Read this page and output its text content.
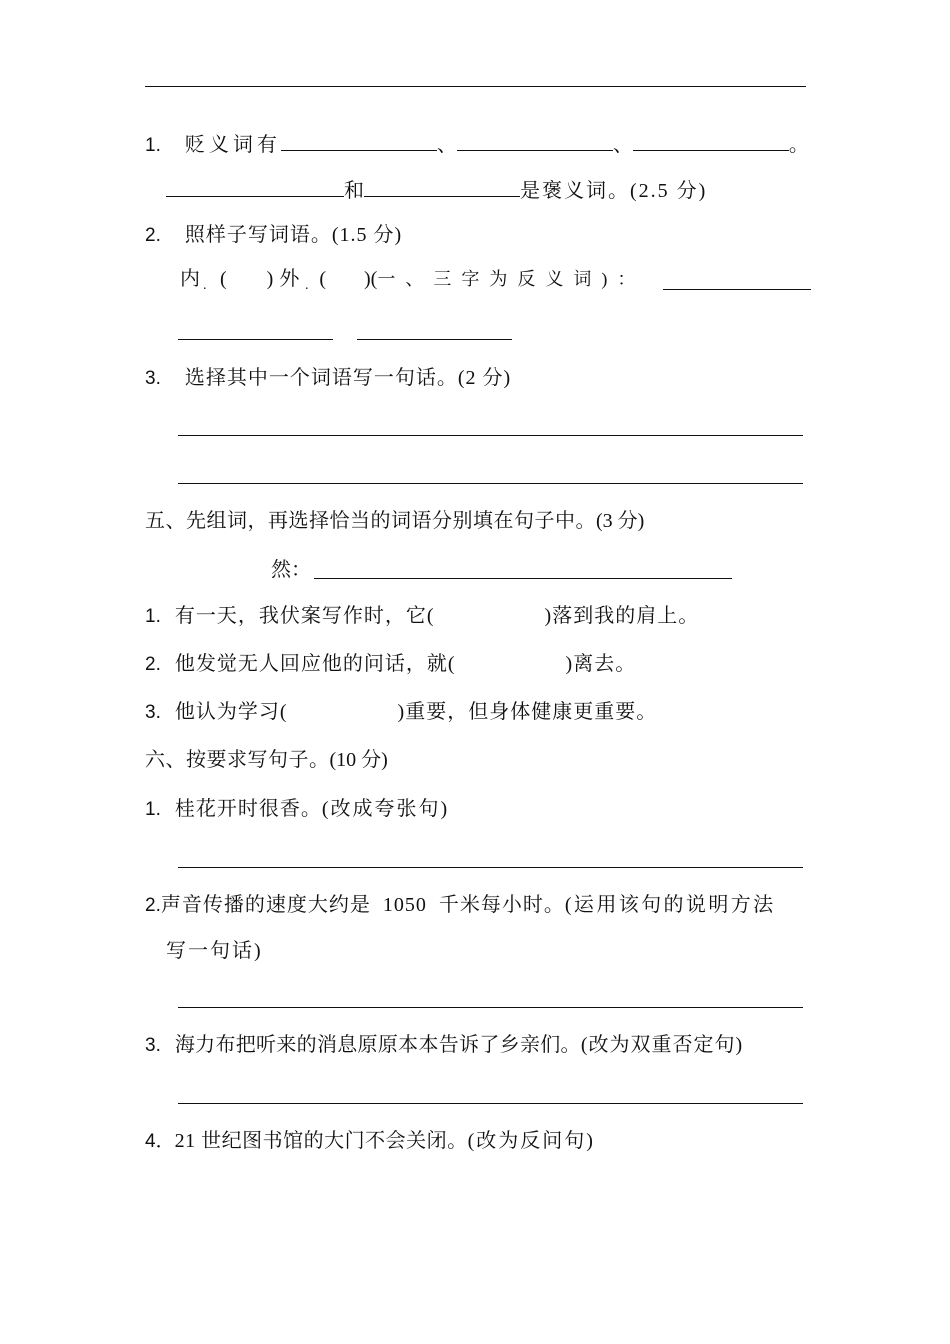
1. 贬义词有	、	、	。
和	是褒义词。(2.5 分)
2. 照样子写词语。(1.5 分)
内 ( ) 外 ( )(一、三字为反义词)：
.	.
3. 选择其中一个词语写一句话。(2 分)
五、先组词，再选择恰当的词语分别填在句子中。(3 分)
然：
1. 有一天，我伏案写作时，它(	)落到我的肩上。
2. 他发觉无人回应他的问话，就(	)离去。
3. 他认为学习(	)重要，但身体健康更重要。
六、按要求写句子。(10 分)
1. 桂花开时很香。(改成夸张句)
2.声音传播的速度大约是  1050  千米每小时。(运用该句的说明方法
写一句话)
3. 海力布把听来的消息原原本本告诉了乡亲们。(改为双重否定句)
4．21 世纪图书馆的大门不会关闭。(改为反问句)
